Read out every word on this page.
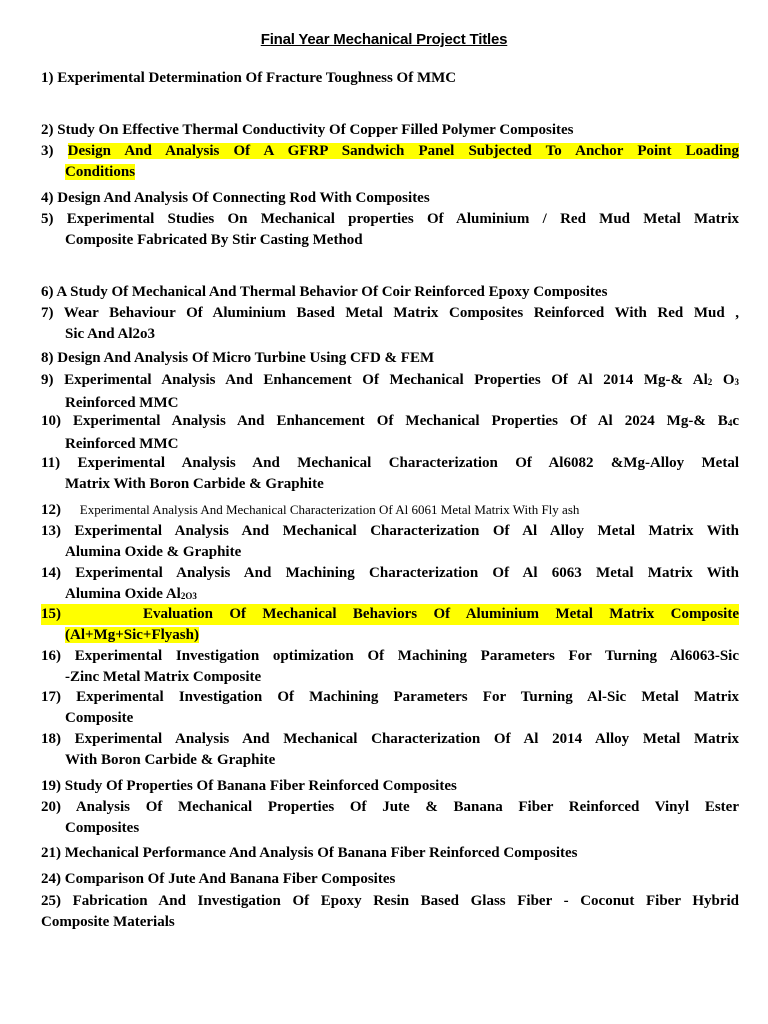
Final Year Mechanical Project Titles
1) Experimental Determination Of Fracture Toughness Of MMC
2) Study On Effective Thermal Conductivity Of Copper Filled Polymer Composites
3) Design And Analysis Of A GFRP Sandwich Panel Subjected To Anchor Point Loading
Conditions
4) Design And Analysis Of Connecting Rod With Composites
5) Experimental Studies On Mechanical properties Of Aluminium / Red Mud Metal Matrix
Composite Fabricated By Stir Casting Method
6) A Study Of Mechanical And Thermal Behavior Of Coir Reinforced Epoxy Composites
7) Wear Behaviour Of Aluminium Based Metal Matrix Composites Reinforced With Red Mud ,
Sic And Al2o3
8) Design And Analysis Of Micro Turbine Using CFD & FEM
9) Experimental Analysis And Enhancement Of Mechanical Properties Of Al 2014 Mg-& $Al_2$ $O_3$
Reinforced MMC
10) Experimental Analysis And Enhancement Of Mechanical Properties Of Al 2024 Mg-& $B_4c$
Reinforced MMC
11) Experimental Analysis And Mechanical Characterization Of Al6082 &Mg-Alloy Metal
Matrix With Boron Carbide & Graphite
12) Experimental Analysis And Mechanical Characterization Of Al 6061 Metal Matrix With Fly ash
13) Experimental Analysis And Mechanical Characterization Of Al Alloy Metal Matrix With
Alumina Oxide & Graphite
14) Experimental Analysis And Machining Characterization Of Al 6063 Metal Matrix With
Alumina Oxide $Al_{2O3}$
15)	Evaluation Of Mechanical Behaviors Of Aluminium Metal Matrix Composite
(Al+Mg+Sic+Flyash)
16) Experimental Investigation optimization Of Machining Parameters For Turning Al6063-Sic
-Zinc Metal Matrix Composite
17) Experimental Investigation Of Machining Parameters For Turning Al-Sic Metal Matrix
Composite
18) Experimental Analysis And Mechanical Characterization Of Al 2014 Alloy Metal Matrix
With Boron Carbide & Graphite
19) Study Of Properties Of Banana Fiber Reinforced Composites
20) Analysis Of Mechanical Properties Of Jute & Banana Fiber Reinforced Vinyl Ester
Composites
21) Mechanical Performance And Analysis Of Banana Fiber Reinforced Composites
24) Comparison Of Jute And Banana Fiber Composites
25) Fabrication And Investigation Of Epoxy Resin Based Glass Fiber - Coconut Fiber Hybrid
Composite Materials
